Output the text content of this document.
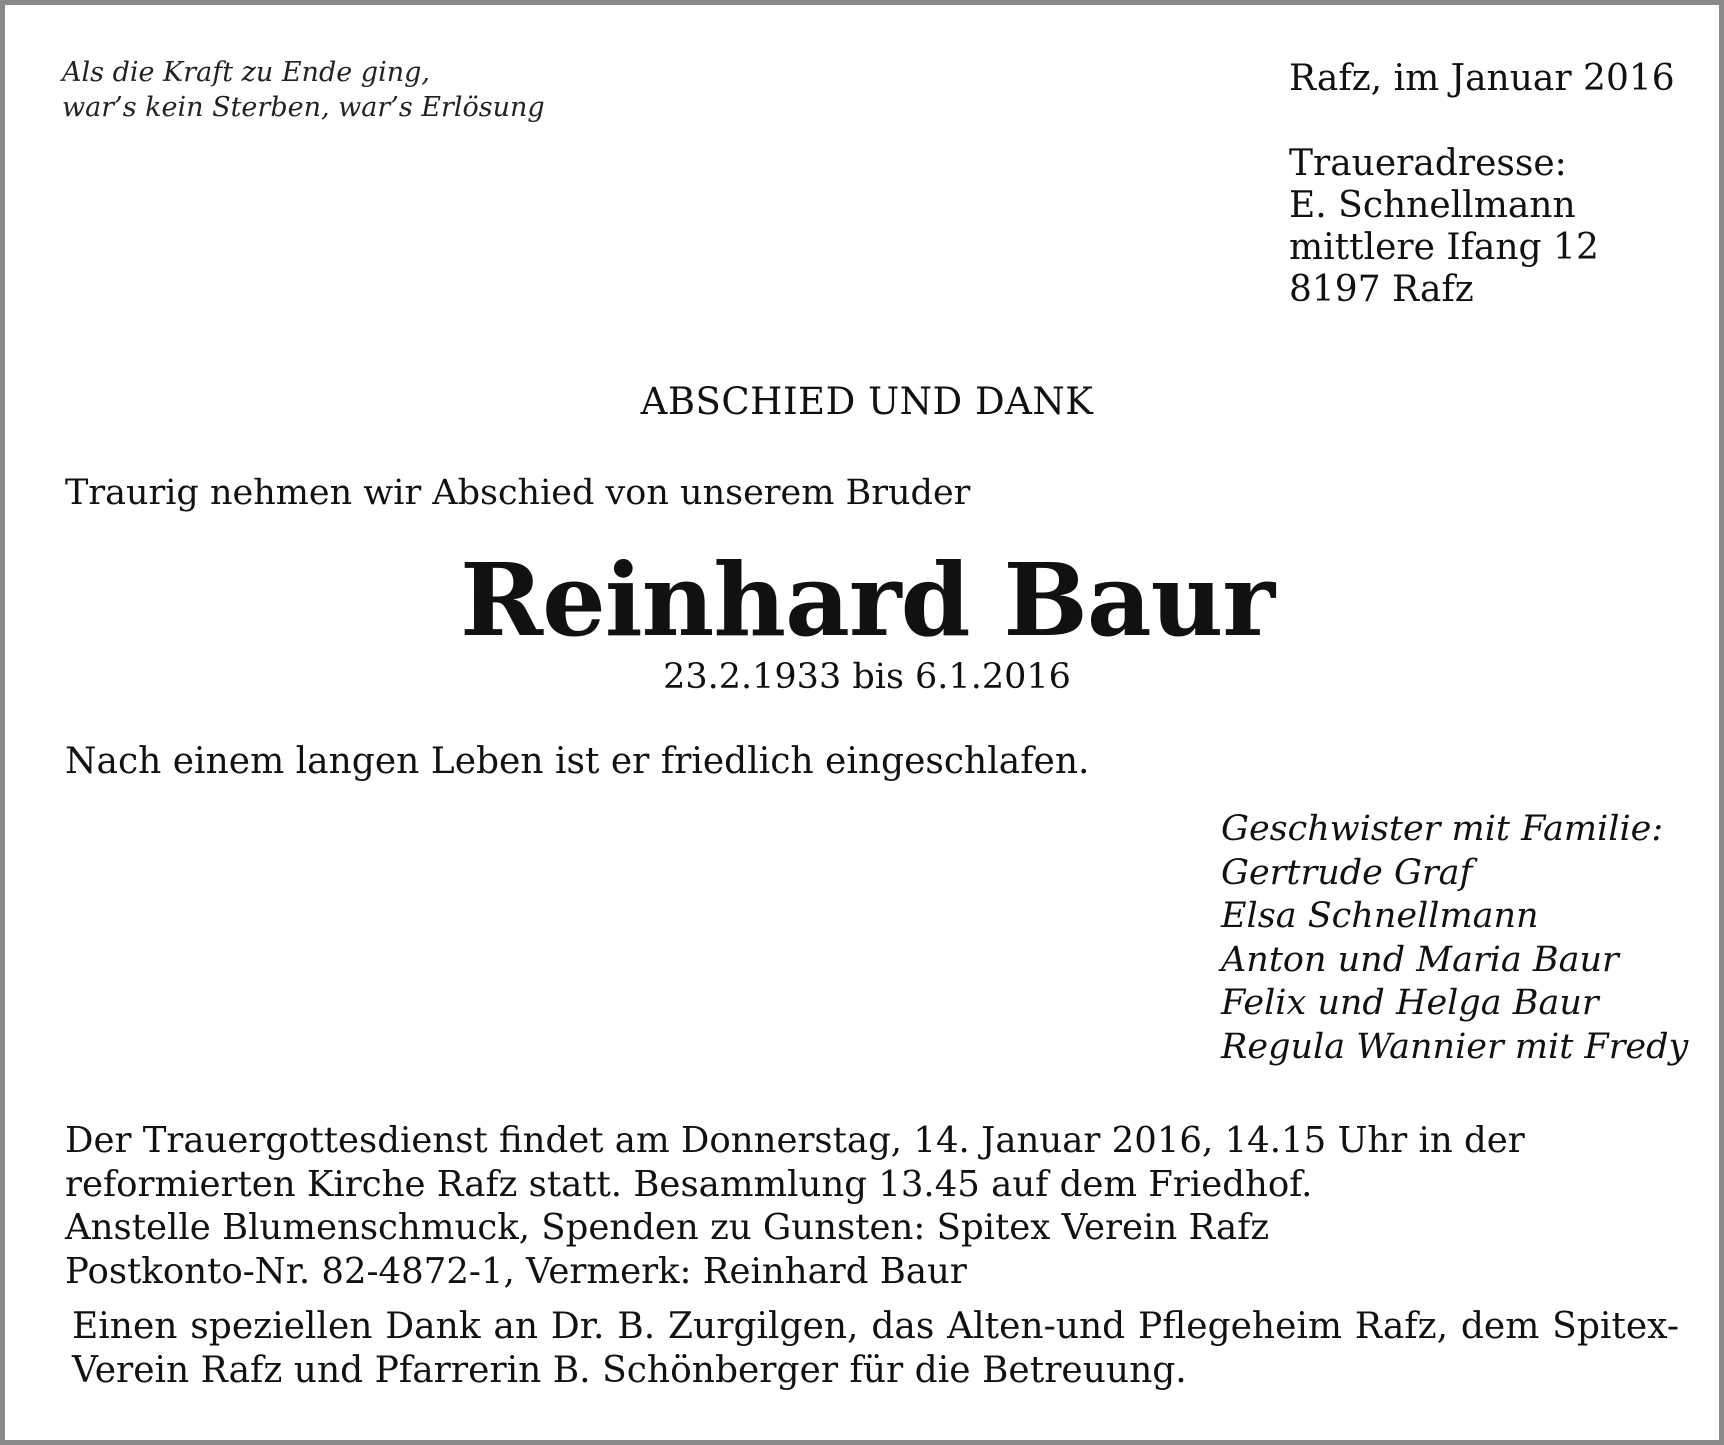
Als die Kraft zu Ende ging,
war’s kein Sterben, war’s Erlösung
Rafz, im Januar 2016
Traueradresse:
E. Schnellmann
mittlere Ifang 12
8197 Rafz
ABSCHIED UND DANK
Traurig nehmen wir Abschied von unserem Bruder
Reinhard Baur
23.2.1933 bis 6.1.2016
Nach einem langen Leben ist er friedlich eingeschlafen.
Geschwister mit Familie:
Gertrude Graf
Elsa Schnellmann
Anton und Maria Baur
Felix und Helga Baur
Regula Wannier mit Fredy
Der Trauergottesdienst findet am Donnerstag, 14. Januar 2016, 14.15 Uhr in der
reformierten Kirche Rafz statt. Besammlung 13.45 auf dem Friedhof.
Anstelle Blumenschmuck, Spenden zu Gunsten: Spitex Verein Rafz
Postkonto-Nr. 82-4872-1, Vermerk: Reinhard Baur
Einen speziellen Dank an Dr. B. Zurgilgen, das Alten-und Pflegeheim Rafz, dem Spitex-Verein Rafz und Pfarrerin B. Schönberger für die Betreuung.
